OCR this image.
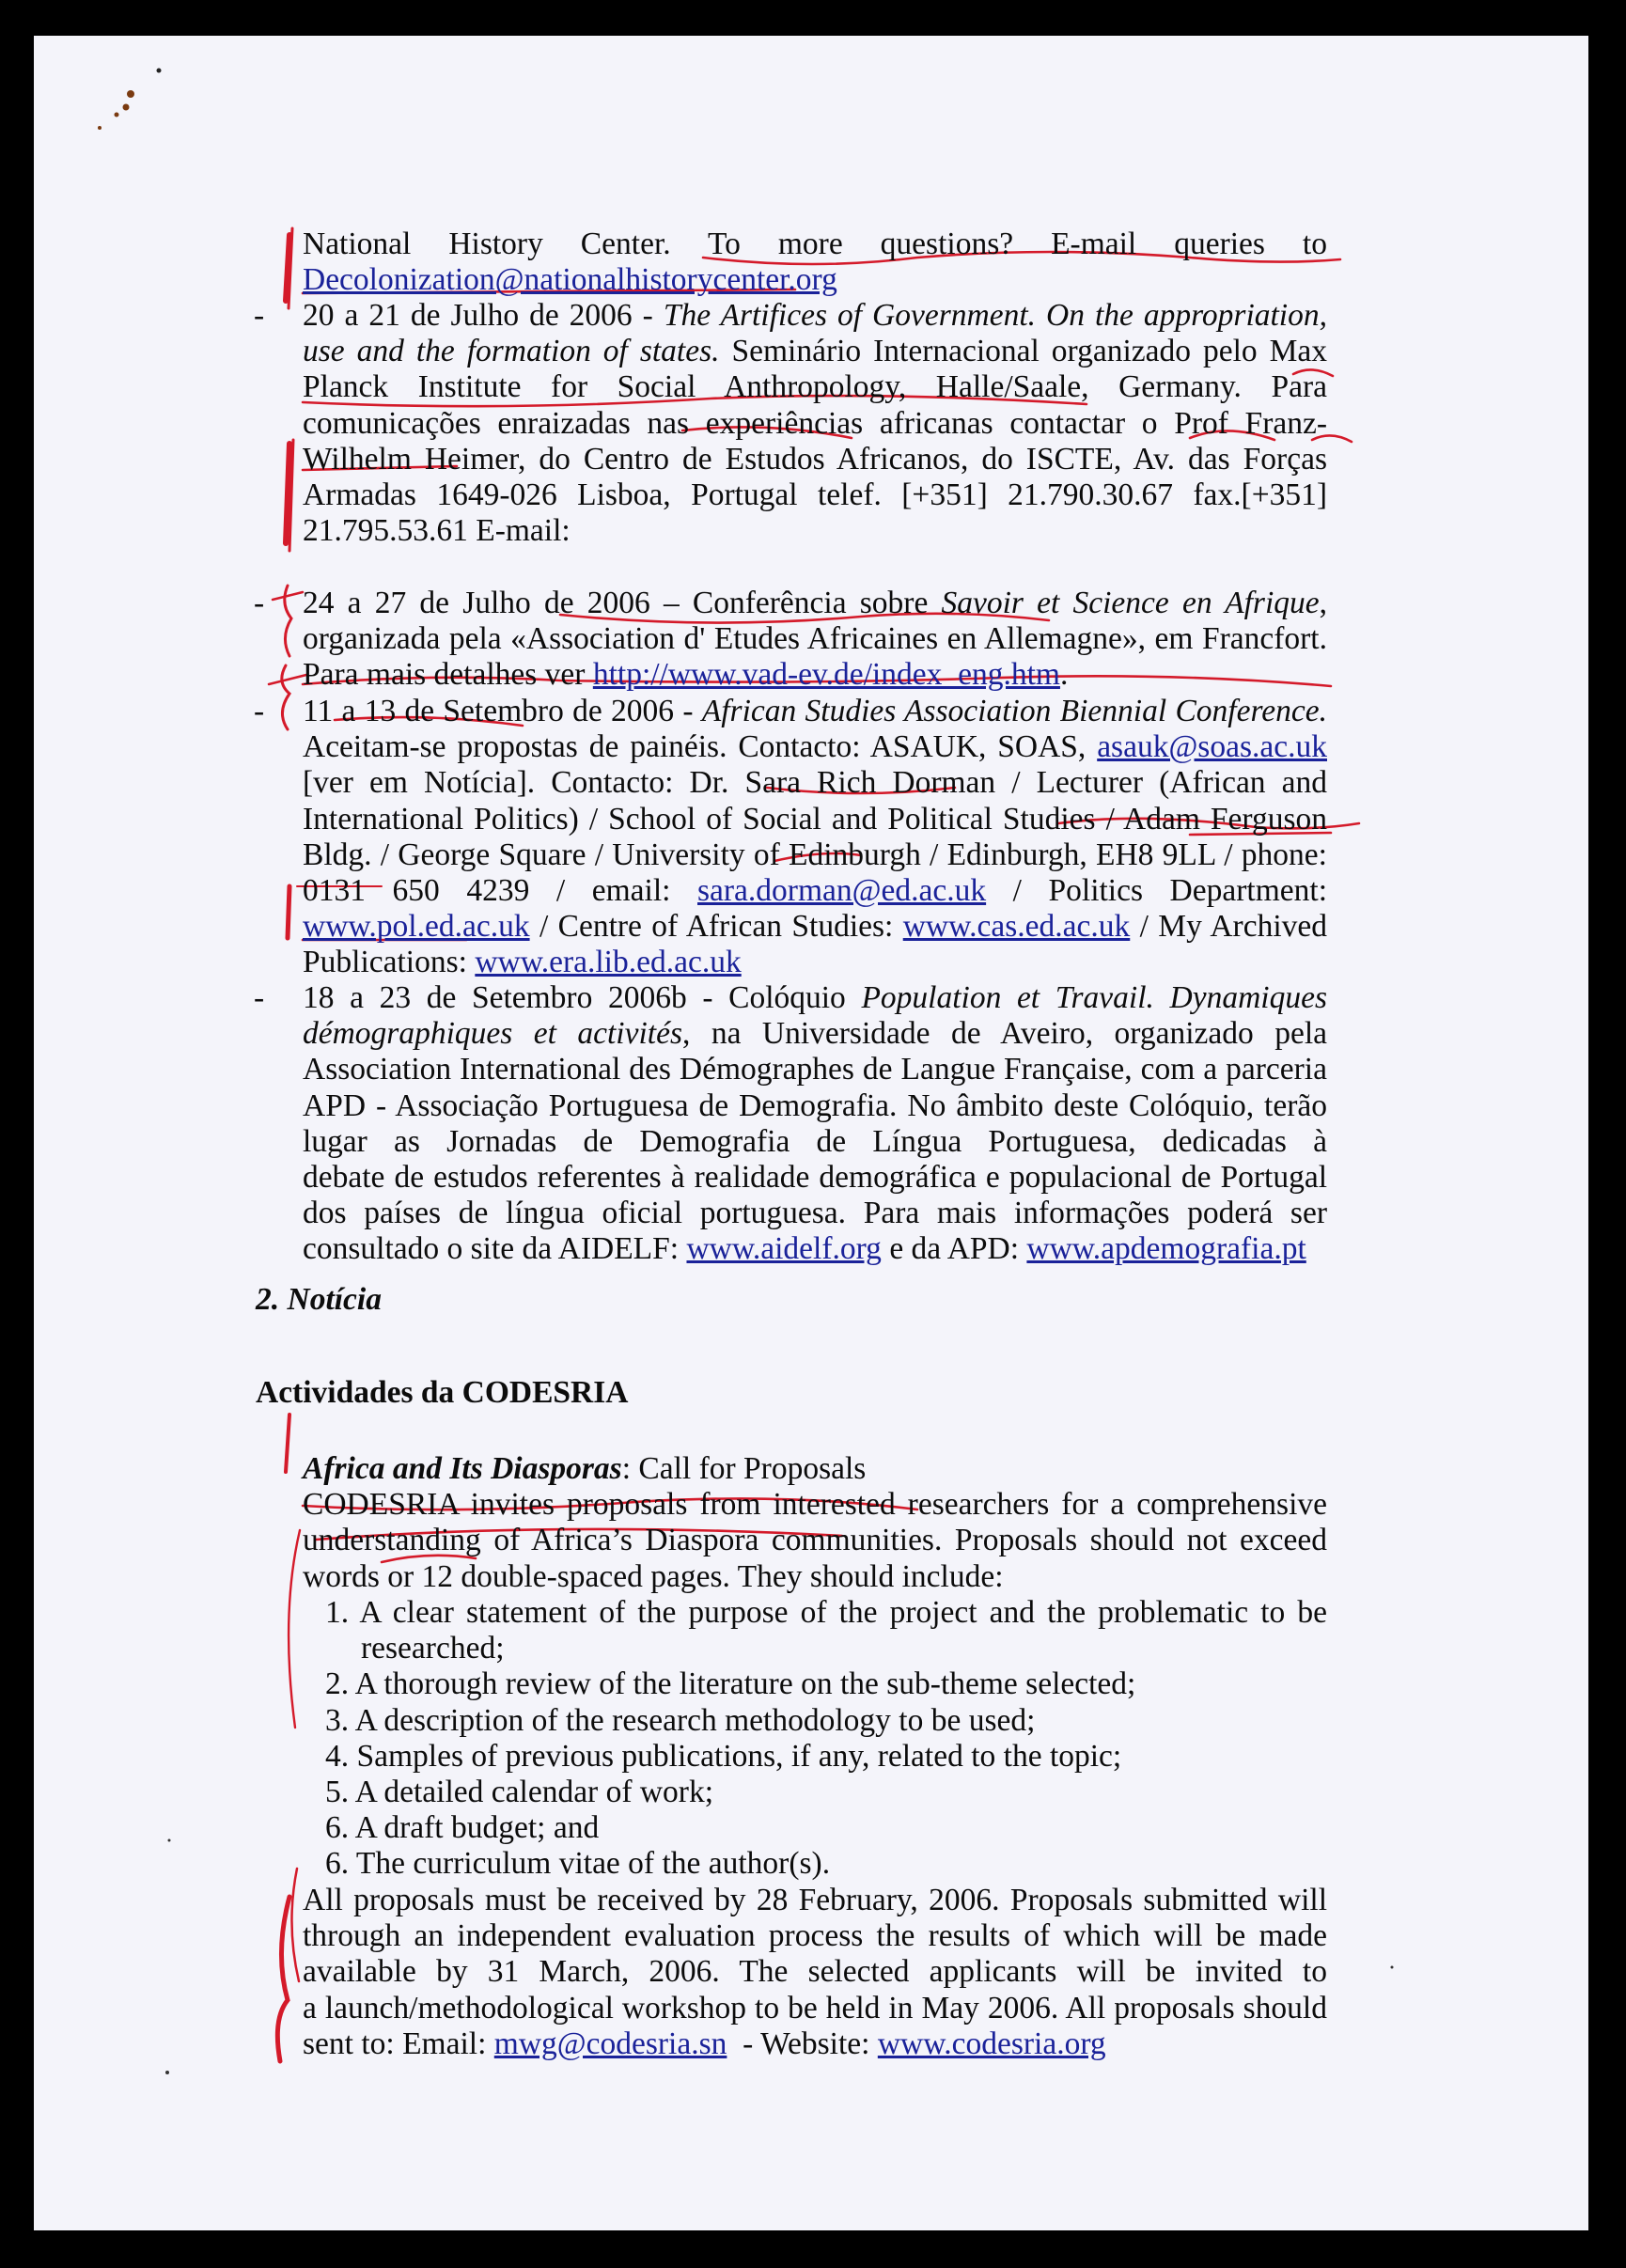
National History Center. To more questions? E-mail queries to
Decolonization@nationalhistorycenter.org
- 20 a 21 de Julho de 2006 - The Artifices of Government. On the appropriation,
use and the formation of states. Seminário Internacional organizado pelo Max
Planck Institute for Social Anthropology, Halle/Saale, Germany. Para
comunicações enraizadas nas experiências africanas contactar o Prof Franz-
Wilhelm Heimer, do Centro de Estudos Africanos, do ISCTE, Av. das Forças
Armadas 1649-026 Lisboa, Portugal telef. [+351] 21.790.30.67 fax.[+351]
21.795.53.61 E-mail:
- 24 a 27 de Julho de 2006 – Conferência sobre Savoir et Science en Afrique,
organizada pela «Association d' Etudes Africaines en Allemagne», em Francfort.
Para mais detalhes ver http://www.vad-ev.de/index_eng.htm.
- 11 a 13 de Setembro de 2006 - African Studies Association Biennial Conference.
Aceitam-se propostas de painéis. Contacto: ASAUK, SOAS, asauk@soas.ac.uk
[ver em Notícia]. Contacto: Dr. Sara Rich Dorman / Lecturer (African and
International Politics) / School of Social and Political Studies / Adam Ferguson
Bldg. / George Square / University of Edinburgh / Edinburgh, EH8 9LL / phone:
0131 650 4239 / email: sara.dorman@ed.ac.uk / Politics Department:
www.pol.ed.ac.uk / Centre of African Studies: www.cas.ed.ac.uk / My Archived
Publications: www.era.lib.ed.ac.uk
- 18 a 23 de Setembro 2006b - Colóquio Population et Travail. Dynamiques
démographiques et activités, na Universidade de Aveiro, organizado pela
Association International des Démographes de Langue Française, com a parceria
APD - Associação Portuguesa de Demografia. No âmbito deste Colóquio, terão
lugar as Jornadas de Demografia de Língua Portuguesa, dedicadas à
debate de estudos referentes à realidade demográfica e populacional de Portugal
dos países de língua oficial portuguesa. Para mais informações poderá ser
consultado o site da AIDELF: www.aidelf.org e da APD: www.apdemografia.pt
2. Notícia
Actividades da CODESRIA
Africa and Its Diasporas: Call for Proposals
CODESRIA invites proposals from interested researchers for a comprehensive
understanding of Africa’s Diaspora communities. Proposals should not exceed
words or 12 double-spaced pages. They should include:
1. A clear statement of the purpose of the project and the problematic to be
researched;
2. A thorough review of the literature on the sub-theme selected;
3. A description of the research methodology to be used;
4. Samples of previous publications, if any, related to the topic;
5. A detailed calendar of work;
6. A draft budget; and
6. The curriculum vitae of the author(s).
All proposals must be received by 28 February, 2006. Proposals submitted will
through an independent evaluation process the results of which will be made
available by 31 March, 2006. The selected applicants will be invited to
a launch/methodological workshop to be held in May 2006. All proposals should
sent to: Email: mwg@codesria.sn  - Website: www.codesria.org
